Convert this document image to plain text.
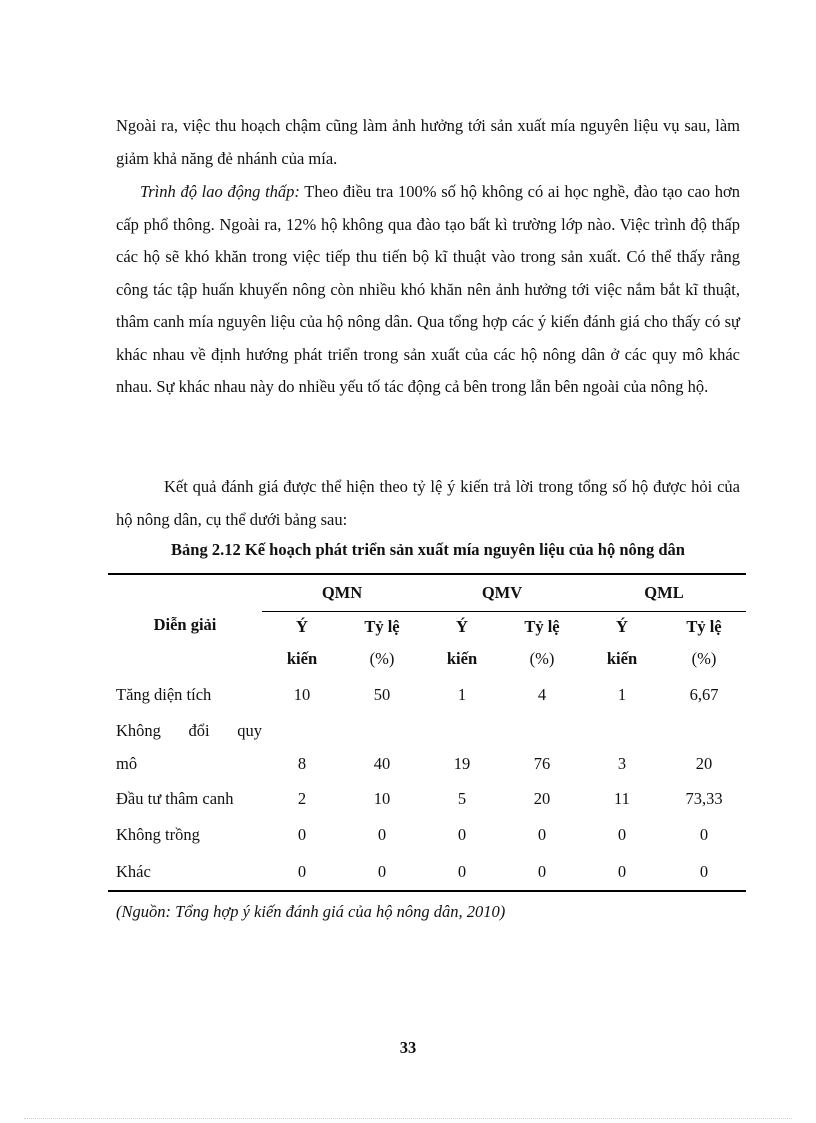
Ngoài ra, việc thu hoạch chậm cũng làm ảnh hưởng tới sản xuất mía nguyên liệu vụ sau, làm giảm khả năng đẻ nhánh của mía.

Trình độ lao động thấp: Theo điều tra 100% số hộ không có ai học nghề, đào tạo cao hơn cấp phổ thông. Ngoài ra, 12% hộ không qua đào tạo bất kì trường lớp nào. Việc trình độ thấp các hộ sẽ khó khăn trong việc tiếp thu tiến bộ kĩ thuật vào trong sản xuất. Có thể thấy rằng công tác tập huấn khuyến nông còn nhiều khó khăn nên ảnh hưởng tới việc nắm bắt kĩ thuật, thâm canh mía nguyên liệu của hộ nông dân. Qua tổng hợp các ý kiến đánh giá cho thấy có sự khác nhau về định hướng phát triển trong sản xuất của các hộ nông dân ở các quy mô khác nhau. Sự khác nhau này do nhiều yếu tố tác động cả bên trong lẫn bên ngoài của nông hộ.

Kết quả đánh giá được thể hiện theo tỷ lệ ý kiến trả lời trong tổng số hộ được hỏi của hộ nông dân, cụ thể dưới bảng sau:

Bảng 2.12 Kế hoạch phát triển sản xuất mía nguyên liệu của hộ nông dân

Diễn giải	QMN		QMV		QML	
	Ý	Tỷ lệ	Ý	Tỷ lệ	Ý	Tỷ lệ
	kiến	(%)	kiến	(%)	kiến	(%)
Tăng diện tích	10	50	1	4	1	6,67
Không đổi quy						
mô	8	40	19	76	3	20
Đầu tư thâm canh	2	10	5	20	11	73,33
Không trồng	0	0	0	0	0	0
Khác	0	0	0	0	0	0

(Nguồn: Tổng hợp ý kiến đánh giá của hộ nông dân, 2010)

33
